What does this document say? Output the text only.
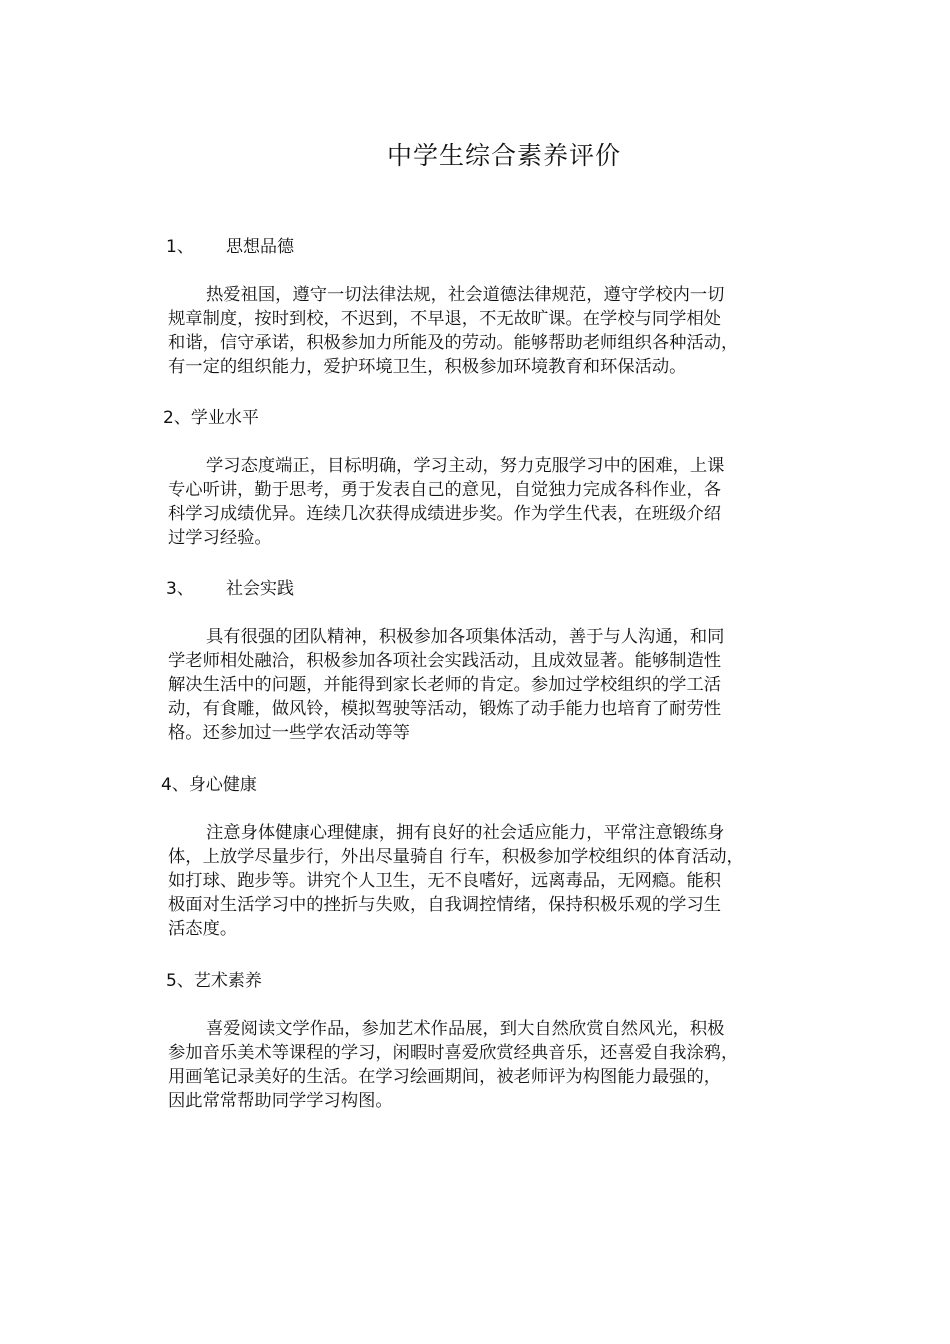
中学生综合素养评价
1、 思想品德
热爱祖国，遵守一切法律法规，社会道德法律规范，遵守学校内一切
规章制度，按时到校，不迟到，不早退，不无故旷课。在学校与同学相处
和谐，信守承诺，积极参加力所能及的劳动。能够帮助老师组织各种活动，
有一定的组织能力，爱护环境卫生，积极参加环境教育和环保活动。
2、学业水平
学习态度端正，目标明确，学习主动，努力克服学习中的困难，上课
专心听讲，勤于思考，勇于发表自己的意见，自觉独力完成各科作业，各
科学习成绩优异。连续几次获得成绩进步奖。作为学生代表，在班级介绍
过学习经验。
3、 社会实践
具有很强的团队精神，积极参加各项集体活动，善于与人沟通，和同
学老师相处融洽，积极参加各项社会实践活动，且成效显著。能够制造性
解决生活中的问题，并能得到家长老师的肯定。参加过学校组织的学工活
动，有食雕，做风铃，模拟驾驶等活动，锻炼了动手能力也培育了耐劳性
格。还参加过一些学农活动等等
4、身心健康
注意身体健康心理健康，拥有良好的社会适应能力，平常注意锻练身
体，上放学尽量步行，外出尽量骑自 行车，积极参加学校组织的体育活动，
如打球、跑步等。讲究个人卫生，无不良嗜好，远离毒品，无网瘾。能积
极面对生活学习中的挫折与失败，自我调控情绪，保持积极乐观的学习生
活态度。
5、艺术素养
喜爱阅读文学作品，参加艺术作品展，到大自然欣赏自然风光，积极
参加音乐美术等课程的学习，闲暇时喜爱欣赏经典音乐，还喜爱自我涂鸦，
用画笔记录美好的生活。在学习绘画期间，被老师评为构图能力最强的，
因此常常帮助同学学习构图。
